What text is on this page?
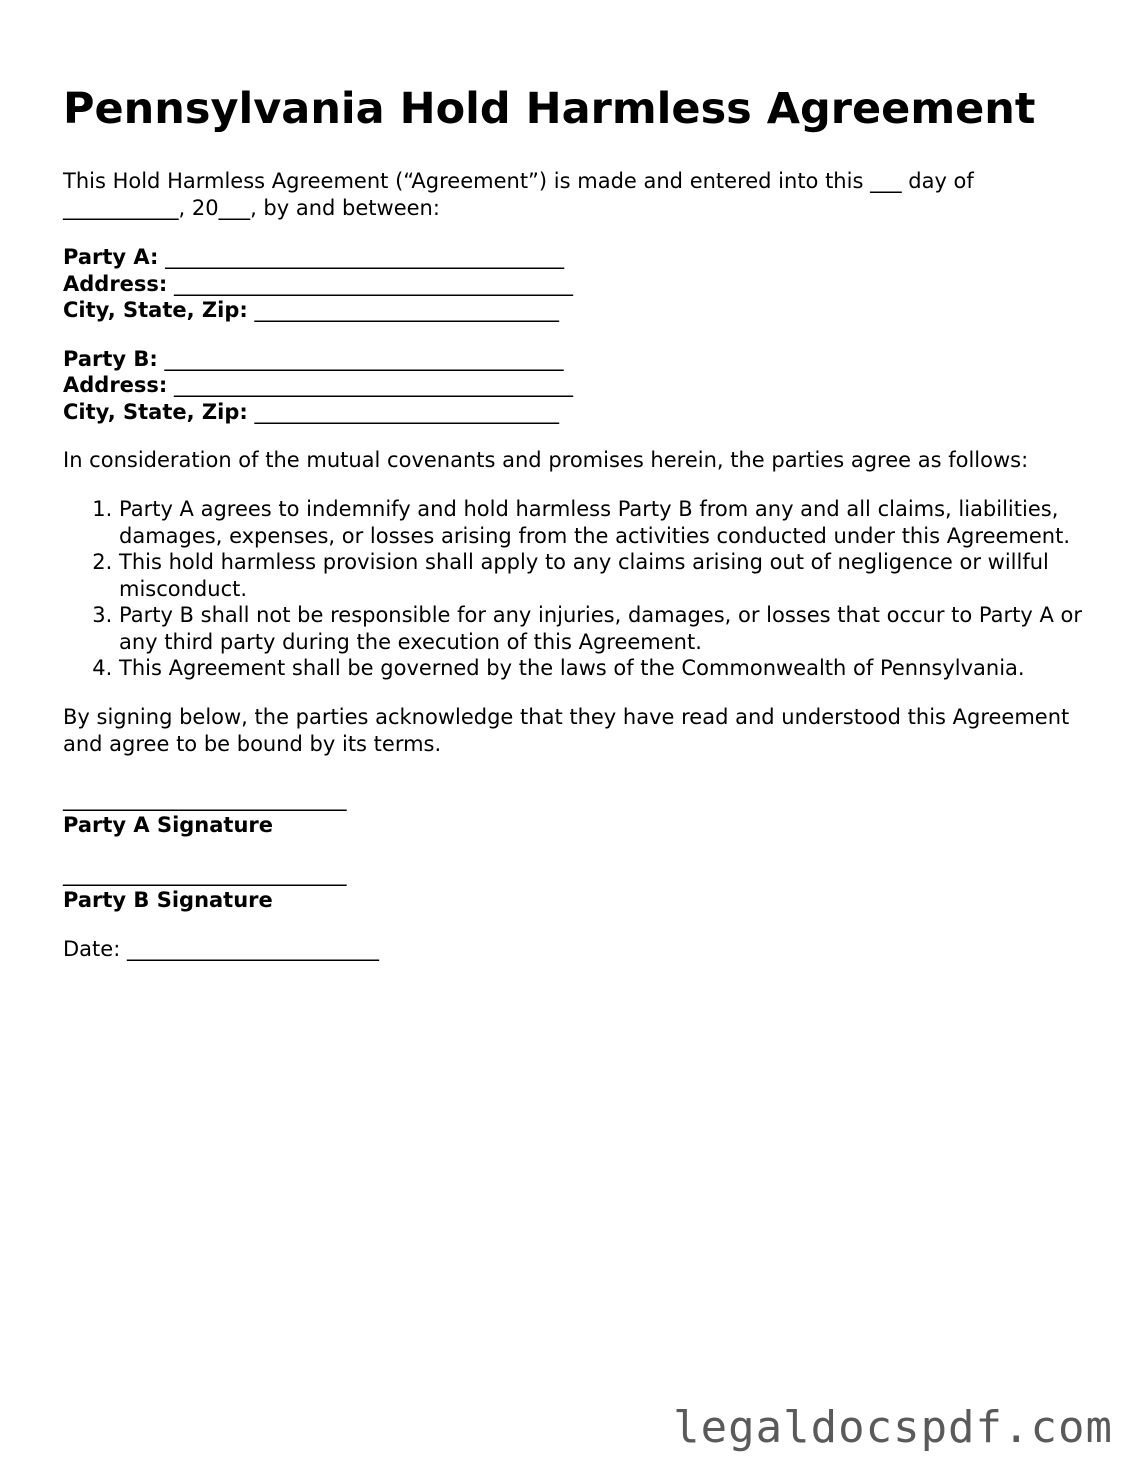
Pennsylvania Hold Harmless Agreement

This Hold Harmless Agreement (“Agreement”) is made and entered into this ___ day of

___________, 20___, by and between:

Party A: ______________________________________
Address: ______________________________________
City, State, Zip: _____________________________
Party B: ______________________________________
Address: ______________________________________
City, State, Zip: _____________________________

In consideration of the mutual covenants and promises herein, the parties agree as follows:

1. Party A agrees to indemnify and hold harmless Party B from any and all claims, liabilities, damages, expenses, or losses arising from the activities conducted under this Agreement.
2. This hold harmless provision shall apply to any claims arising out of negligence or willful misconduct.
3. Party B shall not be responsible for any injuries, damages, or losses that occur to Party A or any third party during the execution of this Agreement.
4. This Agreement shall be governed by the laws of the Commonwealth of Pennsylvania.

By signing below, the parties acknowledge that they have read and understood this Agreement and agree to be bound by its terms.

___________________________
Party A Signature
___________________________
Party B Signature
Date: ________________________
legaldocspdf.com
